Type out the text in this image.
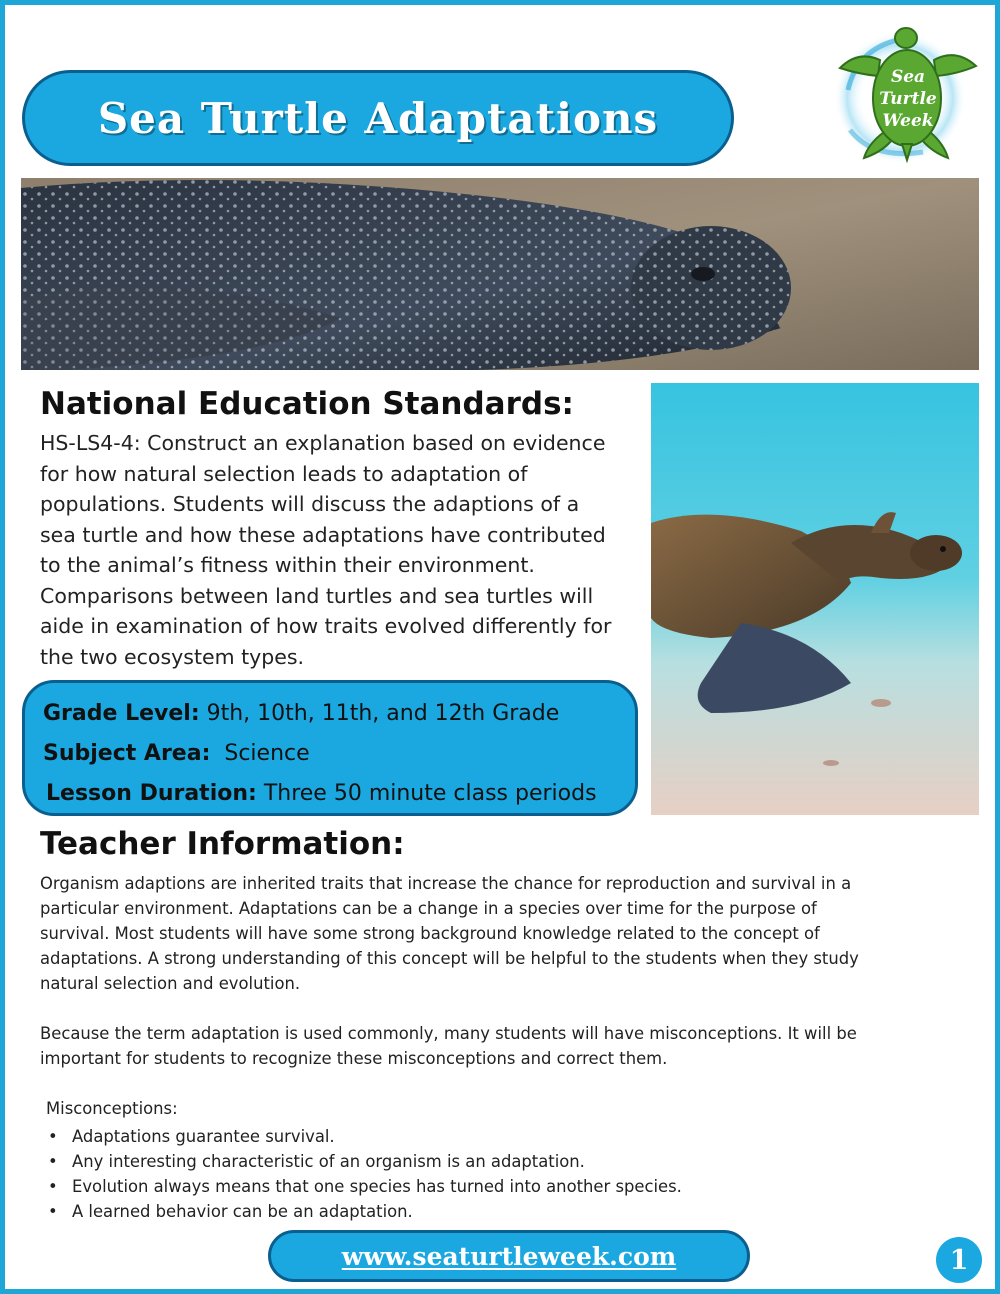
Sea Turtle Adaptations
Sea
Turtle
Week
National Education Standards:
HS-LS4-4: Construct an explanation based on evidence
for how natural selection leads to adaptation of
populations. Students will discuss the adaptions of a
sea turtle and how these adaptations have contributed
to the animal’s fitness within their environment.
Comparisons between land turtles and sea turtles will
aide in examination of how traits evolved differently for
the two ecosystem types.
Grade Level: 9th, 10th, 11th, and 12th Grade
Subject Area:  Science
Lesson Duration: Three 50 minute class periods
Teacher Information:
Organism adaptions are inherited traits that increase the chance for reproduction and survival in a
particular environment. Adaptations can be a change in a species over time for the purpose of
survival. Most students will have some strong background knowledge related to the concept of
adaptations. A strong understanding of this concept will be helpful to the students when they study
natural selection and evolution.
Because the term adaptation is used commonly, many students will have misconceptions. It will be
important for students to recognize these misconceptions and correct them.
Misconceptions:
• Adaptations guarantee survival.
• Any interesting characteristic of an organism is an adaptation.
• Evolution always means that one species has turned into another species.
• A learned behavior can be an adaptation.
www.seaturtleweek.com	1
